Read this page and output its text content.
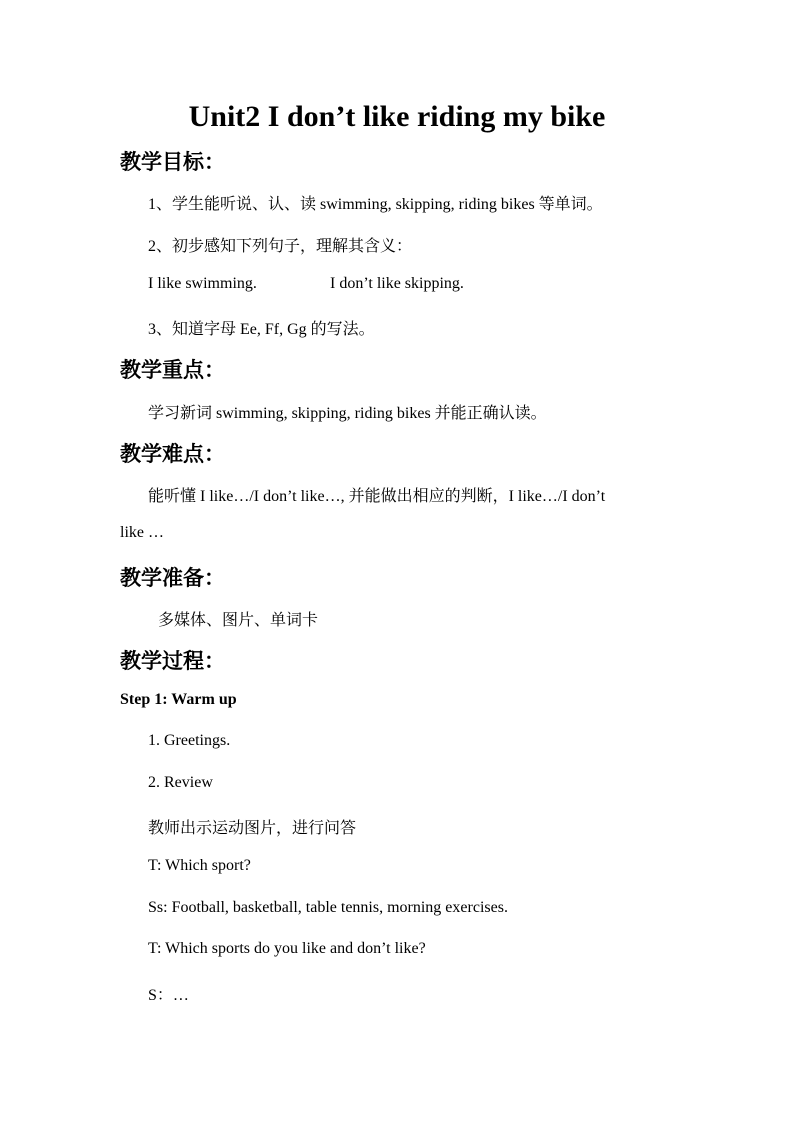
Unit2 I don’t like riding my bike
教学目标：
1、学生能听说、认、读 swimming, skipping, riding bikes 等单词。
2、初步感知下列句子，理解其含义：
I like swimming.	I don’t like skipping.
3、知道字母 Ee, Ff, Gg 的写法。
教学重点：
学习新词 swimming, skipping, riding bikes 并能正确认读。
教学难点：
能听懂 I like…/I don’t like…, 并能做出相应的判断，I like…/I don’t
like …
教学准备：
多媒体、图片、单词卡
教学过程：
Step 1: Warm up
1. Greetings.
2. Review
教师出示运动图片，进行问答
T: Which sport?
Ss: Football, basketball, table tennis, morning exercises.
T: Which sports do you like and don’t like?
S：…
